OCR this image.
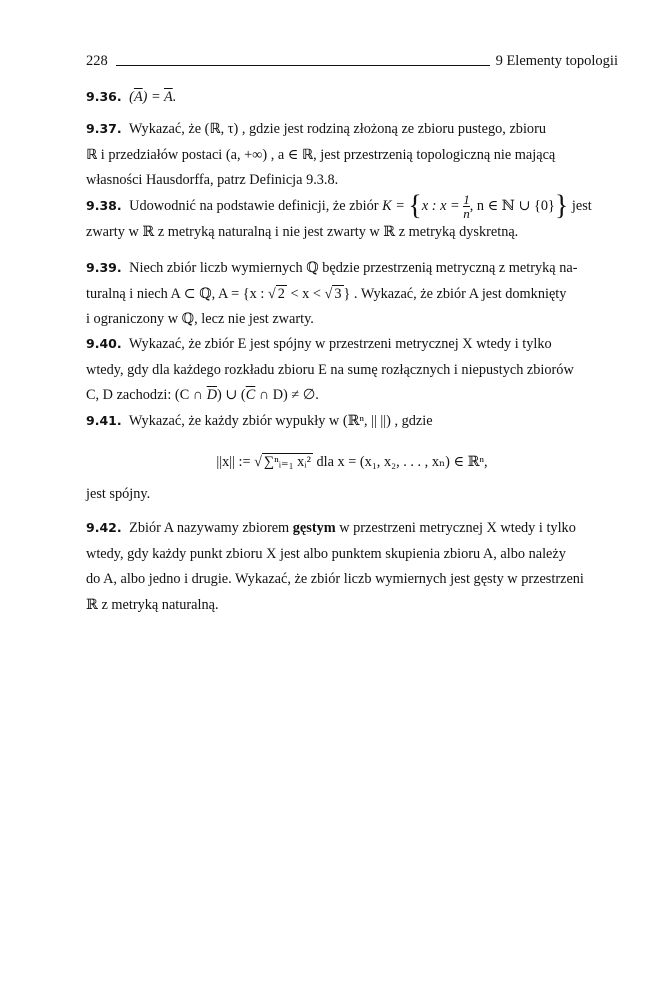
228	9 Elementy topologii
9.36. $(\overline{A}) = \overline{A}$.
9.37. Wykazać, że (ℝ, τ) , gdzie jest rodziną złożoną ze zbioru pustego, zbioru
ℝ i przedziałów postaci (a, +∞) , a ∈ ℝ, jest przestrzenią topologiczną nie mającą
własności Hausdorffa, patrz Definicja 9.3.8.
9.38. Udowodnić na podstawie definicji, że zbiór K = {x : $x = \frac{1}{n}$ , n ∈ ℕ ∪ {0}} jest
zwarty w ℝ z metryką naturalną i nie jest zwarty w ℝ z metryką dyskretną.
9.39. Niech zbiór liczb wymiernych ℚ będzie przestrzenią metryczną z metryką na-
turalną i niech A ⊂ ℚ, A = {x : √ 2 < x < √ 3 } . Wykazać, że zbiór A jest domknięty
i ograniczony w ℚ, lecz nie jest zwarty.
9.40. Wykazać, że zbiór E jest spójny w przestrzeni metrycznej X wtedy i tylko
wtedy, gdy dla każdego rozkładu zbioru E na sumę rozłącznych i niepustych zbiorów
C, D zachodzi: (C ∩ $\overline{D}$) ∪ ($\overline{C}$ ∩ D) ≠ ∅.
9.41. Wykazać, że każdy zbiór wypukły w (ℝⁿ, || ||) , gdzie
||x|| := √ ∑ⁿᵢ₌₁ xᵢ² dla x = (x₁, x₂, . . . , xₙ) ∈ ℝⁿ,
jest spójny.
9.42. Zbiór A nazywamy zbiorem gęstym w przestrzeni metrycznej X wtedy i tylko
wtedy, gdy każdy punkt zbioru X jest albo punktem skupienia zbioru A, albo należy
do A, albo jedno i drugie. Wykazać, że zbiór liczb wymiernych jest gęsty w przestrzeni
ℝ z metryką naturalną.
